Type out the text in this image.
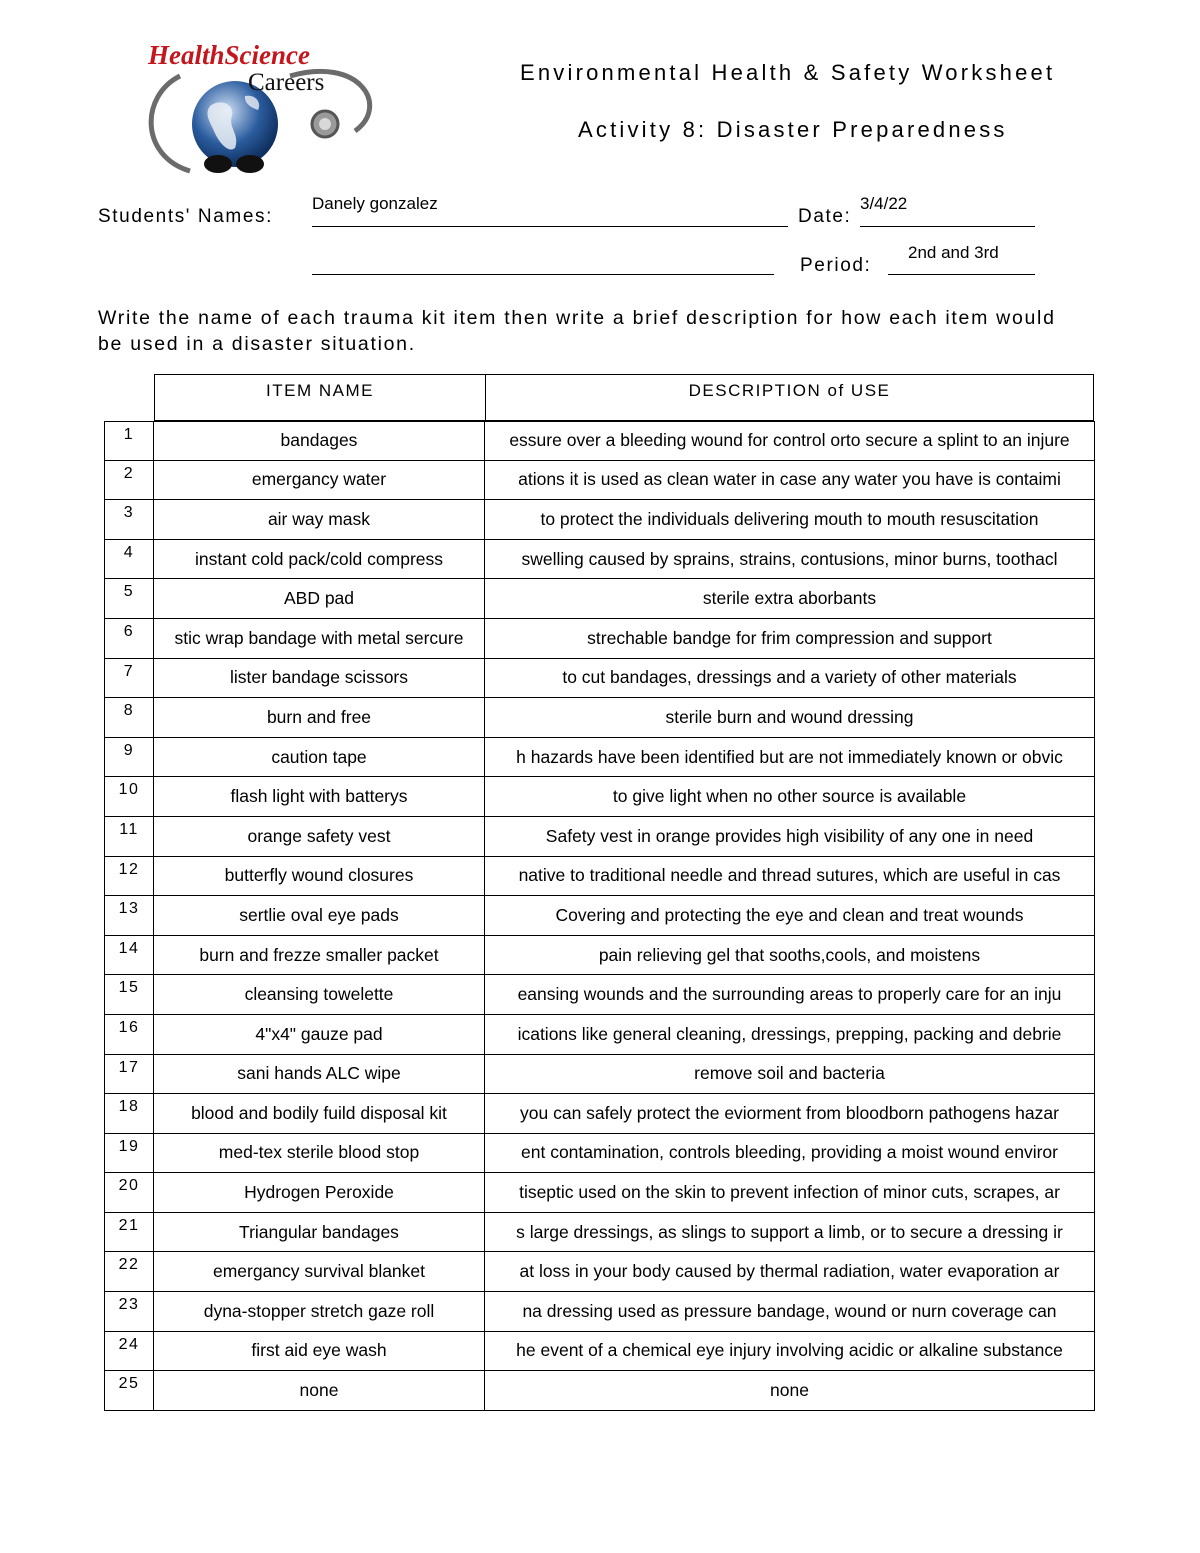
HealthScience
Careers	Environmental Health & Safety Worksheet
Activity 8: Disaster Preparedness
Students' Names:
Danely gonzalez
Date:
3/4/22
Period:
2nd and 3rd
Write the name of each trauma kit item then write a brief description for how each item would be used in a disaster situation.
ITEM NAME	DESCRIPTION of USE
1	bandages	essure over a bleeding wound for control orto secure a splint to an injure
2	emergancy water	ations it is used as clean water in case any water you have is contaimi
3	air way mask	to protect the individuals delivering mouth to mouth resuscitation
4	instant cold pack/cold compress	swelling caused by sprains, strains, contusions, minor burns, toothacl
5	ABD pad	sterile extra aborbants
6	stic wrap bandage with metal sercure	strechable bandge for frim compression and support
7	lister bandage scissors	to cut bandages, dressings and a variety of other materials
8	burn and free	sterile burn and wound dressing
9	caution tape	h hazards have been identified but are not immediately known or obvic
10	flash light with batterys	to give light when no other source is available
11	orange safety vest	Safety vest in orange provides high visibility of any one in need
12	butterfly wound closures	native to traditional needle and thread sutures, which are useful in cas
13	sertlie oval eye pads	Covering and protecting the eye and clean and treat wounds
14	burn and frezze smaller packet	pain relieving gel that sooths,cools, and moistens
15	cleansing towelette	eansing wounds and the surrounding areas to properly care for an inju
16	4"x4" gauze pad	ications like general cleaning, dressings, prepping, packing and debrie
17	sani hands ALC wipe	remove soil and bacteria
18	blood and bodily fuild disposal kit	you can safely protect the eviorment from bloodborn pathogens hazar
19	med-tex sterile blood stop	ent contamination, controls bleeding, providing a moist wound enviror
20	Hydrogen Peroxide	tiseptic used on the skin to prevent infection of minor cuts, scrapes, ar
21	Triangular bandages	s large dressings, as slings to support a limb, or to secure a dressing ir
22	emergancy survival blanket	at loss in your body caused by thermal radiation, water evaporation ar
23	dyna-stopper stretch gaze roll	na dressing used as pressure bandage, wound or nurn coverage can
24	first aid eye wash	he event of a chemical eye injury involving acidic or alkaline substance
25	none	none
